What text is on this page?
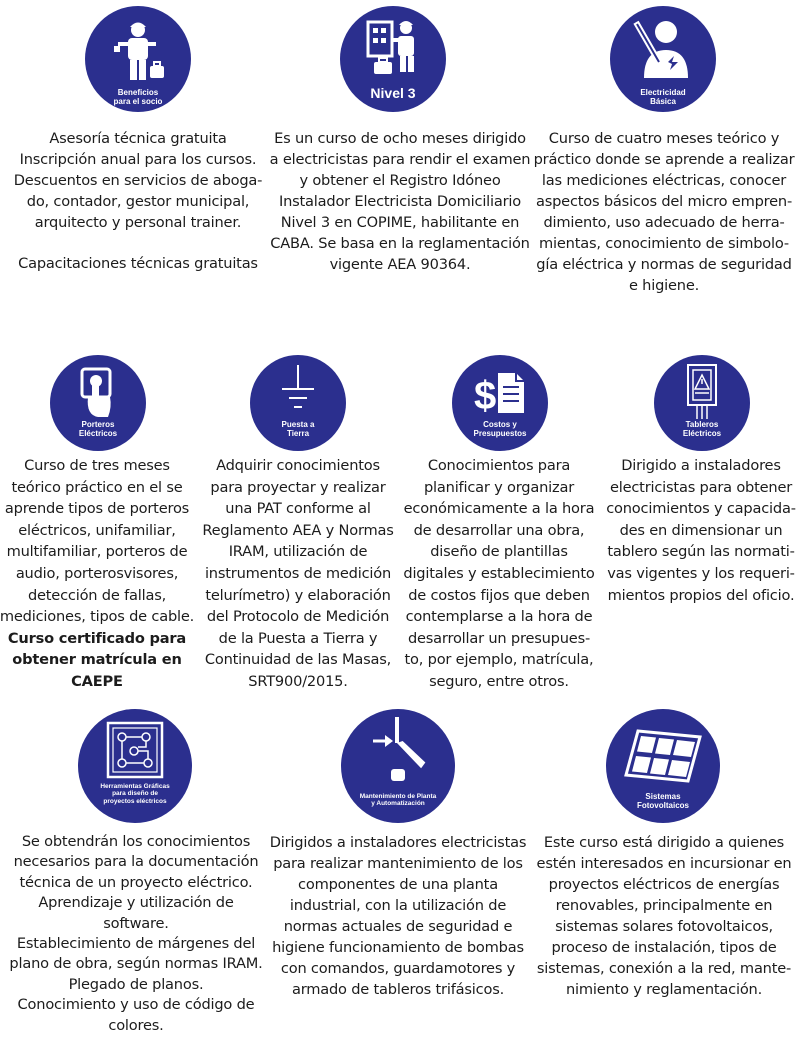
Beneficios
para el socio
Asesoría técnica gratuita
Inscripción anual para los cursos.
Descuentos en servicios de aboga-
do, contador, gestor municipal,
arquitecto y personal trainer.
Capacitaciones técnicas gratuitas
Nivel 3
Es un curso de ocho meses dirigido
a electricistas para rendir el examen
y obtener el Registro Idóneo
Instalador Electricista Domiciliario
Nivel 3 en COPIME, habilitante en
CABA. Se basa en la reglamentación
vigente AEA 90364.
Electricidad
Básica
Curso de cuatro meses teórico y
práctico donde se aprende a realizar
las mediciones eléctricas, conocer
aspectos básicos del micro empren-
dimiento, uso adecuado de herra-
mientas, conocimiento de simbolo-
gía eléctrica y normas de seguridad
e higiene.
Porteros
Eléctricos
Curso de tres meses
teórico práctico en el se
aprende tipos de porteros
eléctricos, unifamiliar,
multifamiliar, porteros de
audio, porterosvisores,
detección de fallas,
mediciones, tipos de cable.
Curso certificado para
obtener matrícula en
CAEPE
Puesta a
Tierra
Adquirir conocimientos
para proyectar y realizar
una PAT conforme al
Reglamento AEA y Normas
IRAM, utilización de
instrumentos de medición
telurímetro) y elaboración
del Protocolo de Medición
de la Puesta a Tierra y
Continuidad de las Masas,
SRT900/2015.
$
Costos y
Presupuestos
Conocimientos para
planificar y organizar
económicamente a la hora
de desarrollar una obra,
diseño de plantillas
digitales y establecimiento
de costos fijos que deben
contemplarse a la hora de
desarrollar un presupues-
to, por ejemplo, matrícula,
seguro, entre otros.
Tableros
Eléctricos
Dirigido a instaladores
electricistas para obtener
conocimientos y capacida-
des en dimensionar un
tablero según las normati-
vas vigentes y los requeri-
mientos propios del oficio.
Herramientas Gráficas
para diseño de
proyectos eléctricos
Se obtendrán los conocimientos
necesarios para la documentación
técnica de un proyecto eléctrico.
Aprendizaje y utilización de
software.
Establecimiento de márgenes del
plano de obra, según normas IRAM.
Plegado de planos.
Conocimiento y uso de código de
colores.
Mantenimiento de Planta
y Automatización
Dirigidos a instaladores electricistas
para realizar mantenimiento de los
componentes de una planta
industrial, con la utilización de
normas actuales de seguridad e
higiene funcionamiento de bombas
con comandos, guardamotores y
armado de tableros trifásicos.
Sistemas
Fotovoltaicos
Este curso está dirigido a quienes
estén interesados en incursionar en
proyectos eléctricos de energías
renovables, principalmente en
sistemas solares fotovoltaicos,
proceso de instalación, tipos de
sistemas, conexión a la red, mante-
nimiento y reglamentación.
